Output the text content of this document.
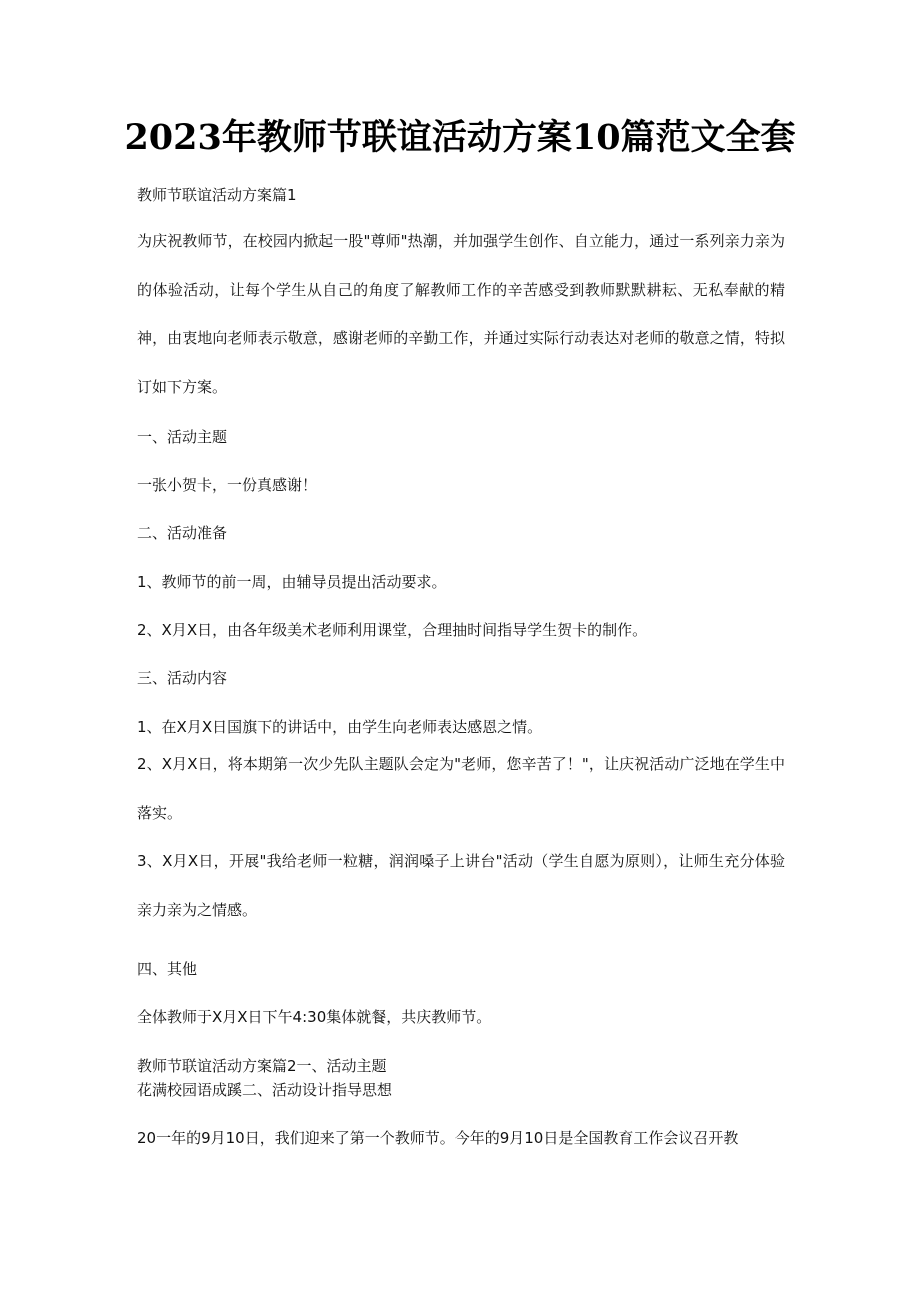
2023年教师节联谊活动方案10篇范文全套

教师节联谊活动方案篇1

为庆祝教师节，在校园内掀起一股"尊师"热潮，并加强学生创作、自立能力，通过一系列亲力亲为的体验活动，让每个学生从自己的角度了解教师工作的辛苦感受到教师默默耕耘、无私奉献的精神，由衷地向老师表示敬意，感谢老师的辛勤工作，并通过实际行动表达对老师的敬意之情，特拟订如下方案。

一、活动主题

一张小贺卡，一份真感谢！

二、活动准备

1、教师节的前一周，由辅导员提出活动要求。

2、X月X日，由各年级美术老师利用课堂，合理抽时间指导学生贺卡的制作。

三、活动内容

1、在X月X日国旗下的讲话中，由学生向老师表达感恩之情。

2、X月X日，将本期第一次少先队主题队会定为"老师，您辛苦了！"，让庆祝活动广泛地在学生中落实。

3、X月X日，开展"我给老师一粒糖，润润嗓子上讲台"活动（学生自愿为原则），让师生充分体验亲力亲为之情感。

四、其他

全体教师于X月X日下午4:30集体就餐，共庆教师节。

教师节联谊活动方案篇2一、活动主题

花满校园语成蹊二、活动设计指导思想

20一年的9月10日，我们迎来了第一个教师节。今年的9月10日是全国教育工作会议召开教
